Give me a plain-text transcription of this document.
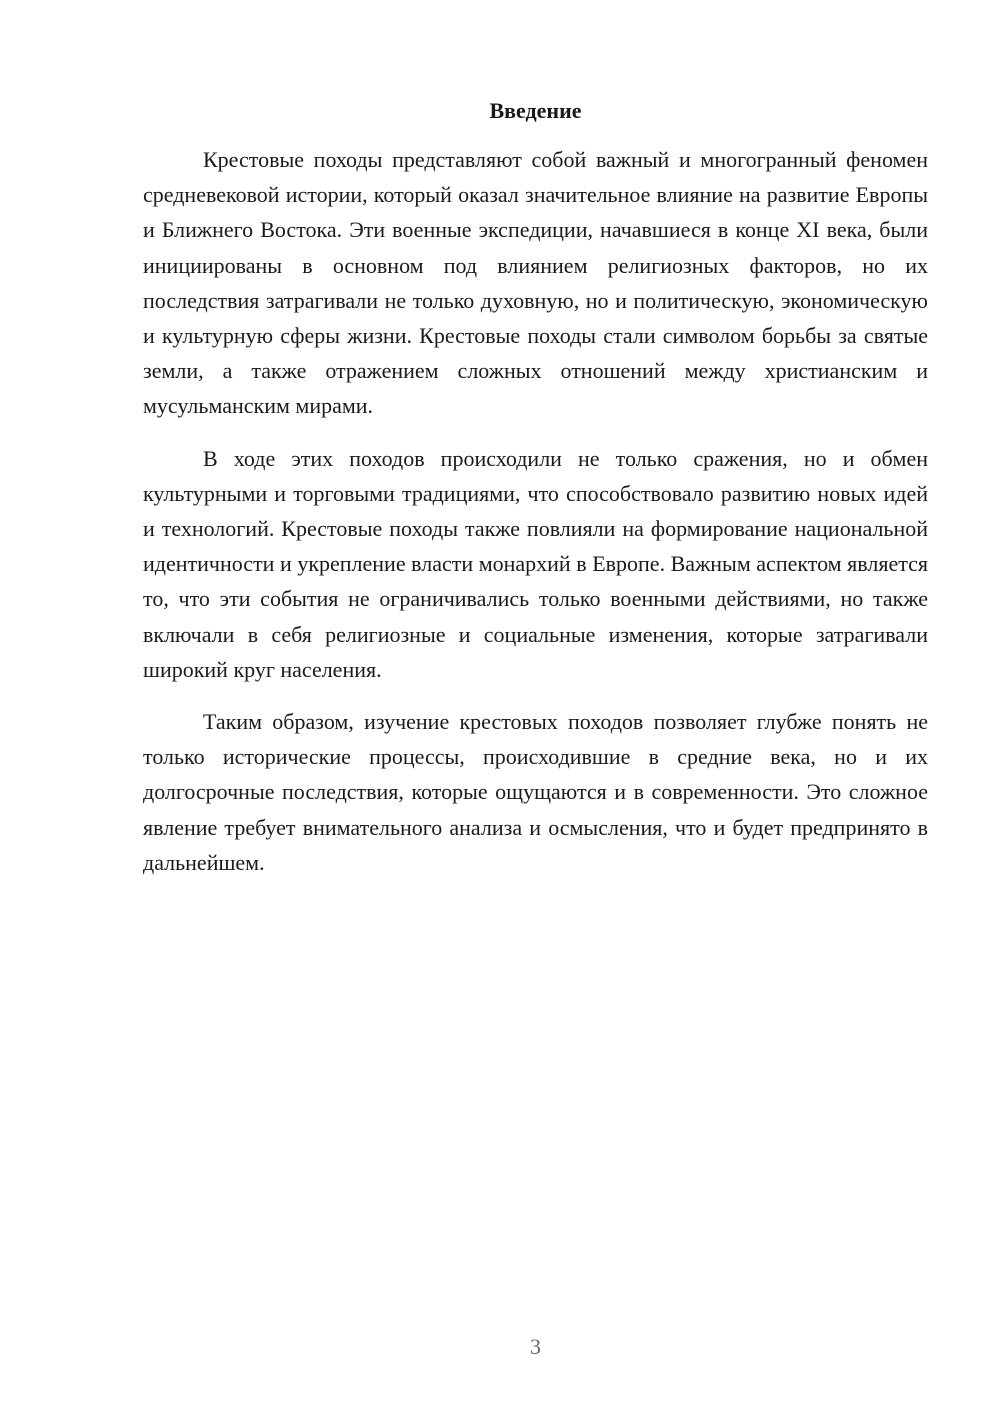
Введение

Крестовые походы представляют собой важный и многогранный феномен средневековой истории, который оказал значительное влияние на развитие Европы и Ближнего Востока. Эти военные экспедиции, начавшиеся в конце XI века, были инициированы в основном под влиянием религиозных факторов, но их последствия затрагивали не только духовную, но и политическую, экономическую и культурную сферы жизни. Крестовые походы стали символом борьбы за святые земли, а также отражением сложных отношений между христианским и мусульманским мирами.

В ходе этих походов происходили не только сражения, но и обмен культурными и торговыми традициями, что способствовало развитию новых идей и технологий. Крестовые походы также повлияли на формирование национальной идентичности и укрепление власти монархий в Европе. Важным аспектом является то, что эти события не ограничивались только военными действиями, но также включали в себя религиозные и социальные изменения, которые затрагивали широкий круг населения.

Таким образом, изучение крестовых походов позволяет глубже понять не только исторические процессы, происходившие в средние века, но и их долгосрочные последствия, которые ощущаются и в современности. Это сложное явление требует внимательного анализа и осмысления, что и будет предпринято в дальнейшем.

3
